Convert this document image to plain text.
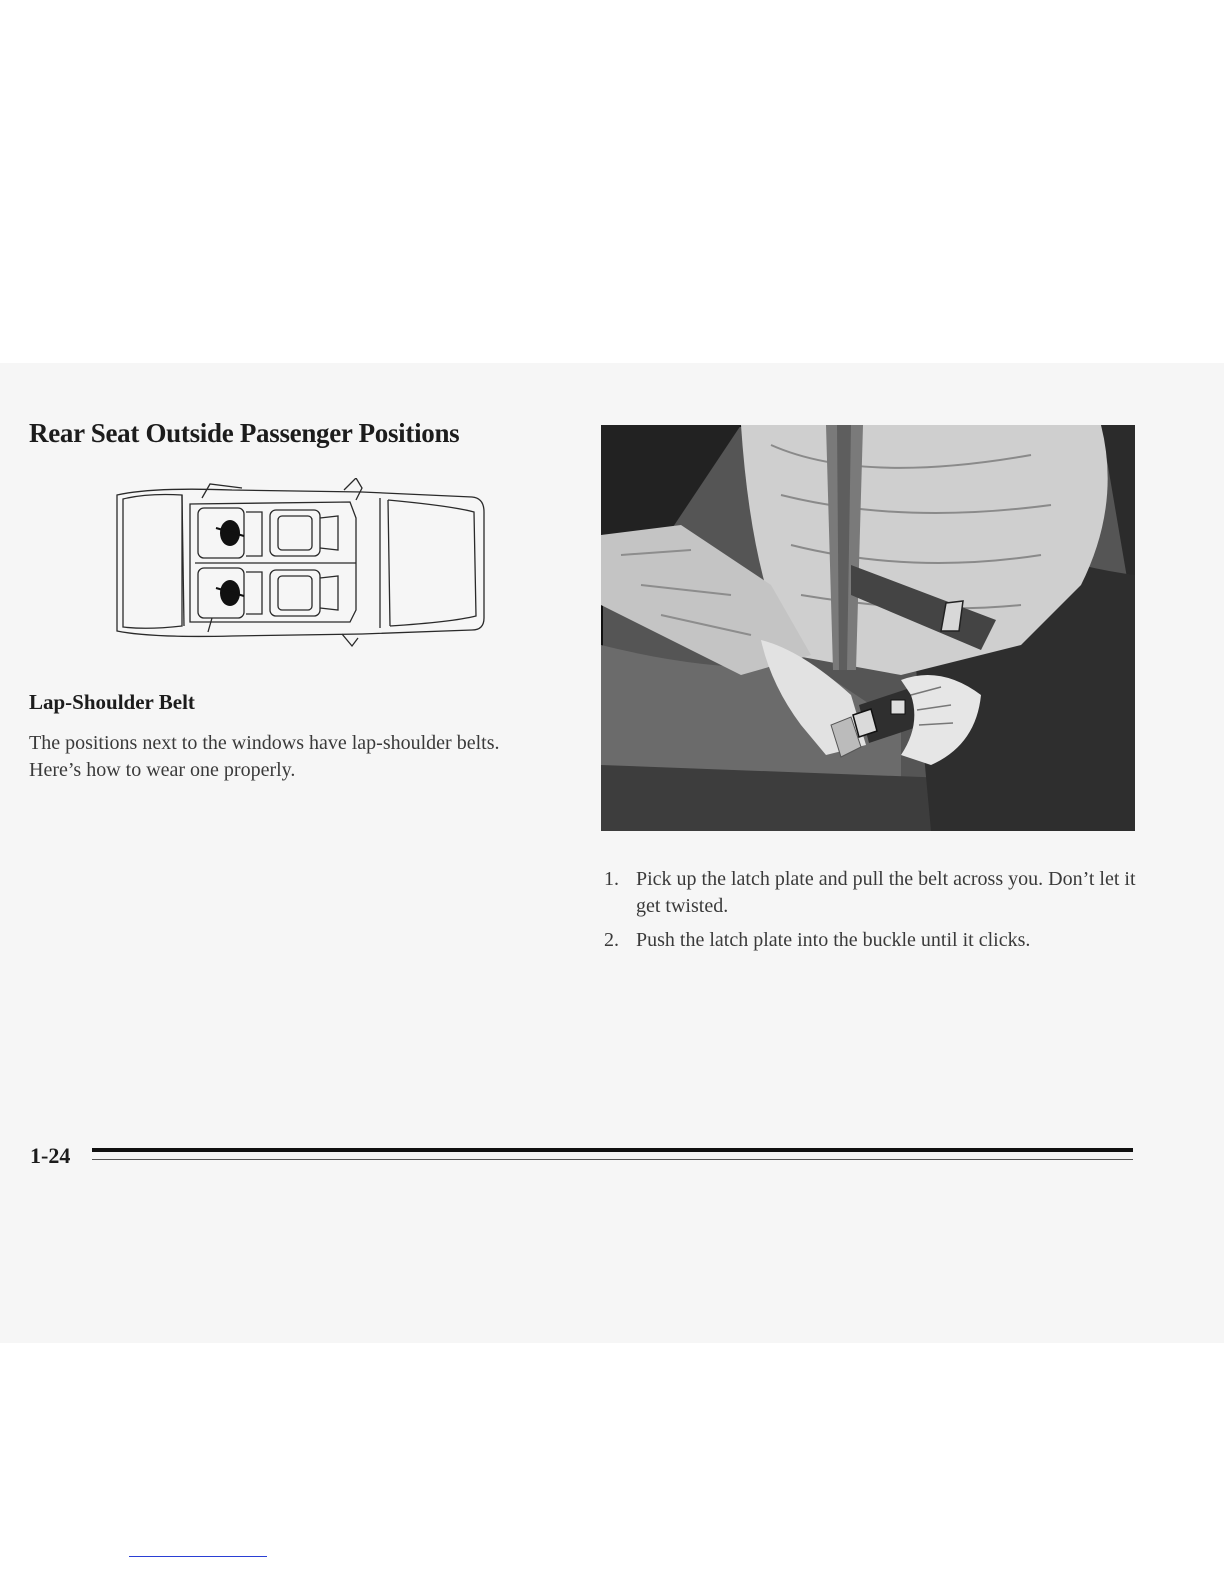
Rear Seat Outside Passenger Positions
Lap-Shoulder Belt

The positions next to the windows have lap-shoulder belts. Here’s how to wear one properly.

1. Pick up the latch plate and pull the belt across you. Don’t let it get twisted.
2. Push the latch plate into the buckle until it clicks.
1-24
